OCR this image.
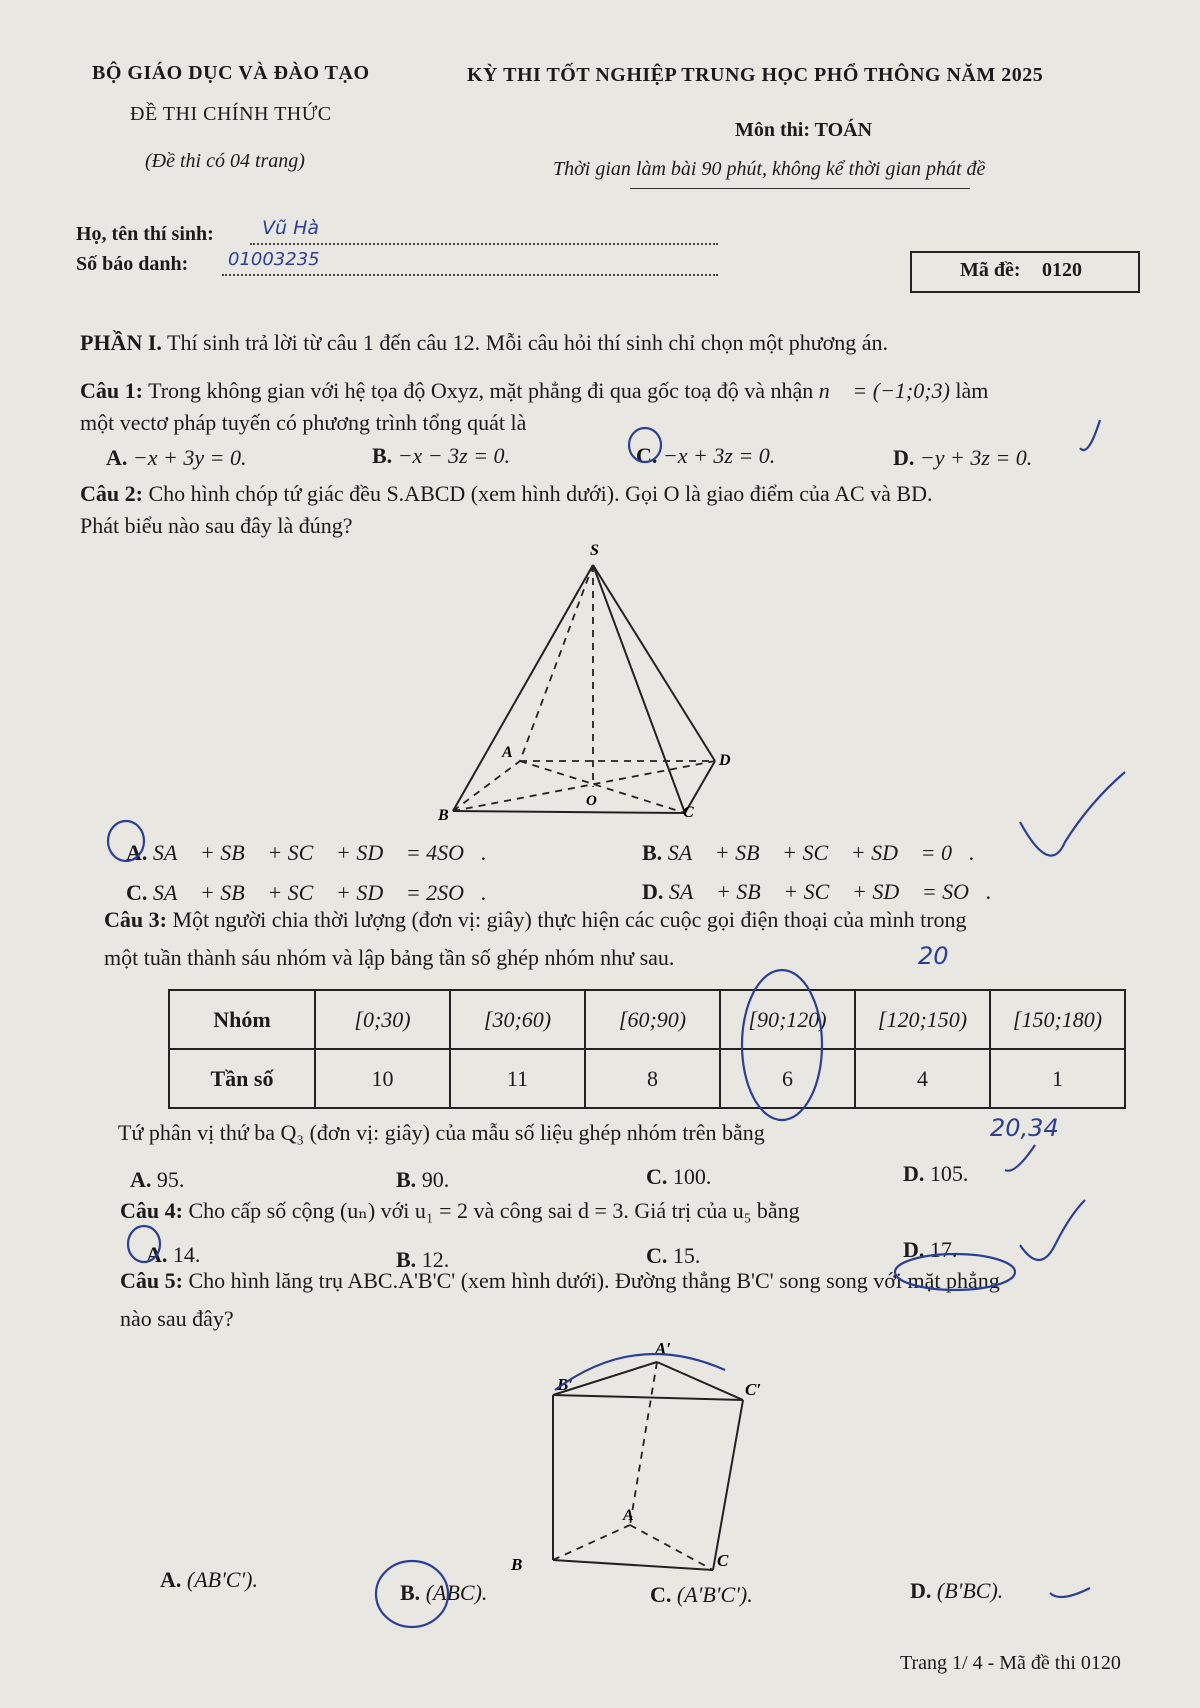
BỘ GIÁO DỤC VÀ ĐÀO TẠO	KỲ THI TỐT NGHIỆP TRUNG HỌC PHỔ THÔNG NĂM 2025
ĐỀ THI CHÍNH THỨC
Môn thi: TOÁN
(Đề thi có 04 trang)	Thời gian làm bài 90 phút, không kể thời gian phát đề
Họ, tên thí sinh:	Vũ Hà
Số báo danh: 01003235	Mã đề: 0120
PHẦN I. Thí sinh trả lời từ câu 1 đến câu 12. Mỗi câu hỏi thí sinh chỉ chọn một phương án.
Câu 1: Trong không gian với hệ tọa độ Oxyz, mặt phẳng đi qua gốc toạ độ và nhận n⃗ = (−1;0;3) làm
một vectơ pháp tuyến có phương trình tổng quát là
A. −x + 3y = 0.	B. −x − 3z = 0.	C. −x + 3z = 0.	D. −y + 3z = 0.
Câu 2: Cho hình chóp tứ giác đều S.ABCD (xem hình dưới). Gọi O là giao điểm của AC và BD.
Phát biểu nào sau đây là đúng?
S
A	D
O
B	C
A. SA⃗ + SB⃗ + SC⃗ + SD⃗ = 4SO⃗.	B. SA⃗ + SB⃗ + SC⃗ + SD⃗ = 0⃗.
C. SA⃗ + SB⃗ + SC⃗ + SD⃗ = 2SO⃗.	D. SA⃗ + SB⃗ + SC⃗ + SD⃗ = SO⃗.
Câu 3: Một người chia thời lượng (đơn vị: giây) thực hiện các cuộc gọi điện thoại của mình trong
một tuần thành sáu nhóm và lập bảng tần số ghép nhóm như sau.
Nhóm	[0;30)	[30;60)	[60;90)	[90;120)	[120;150)	[150;180)
Tần số	10	11	8	6	4	1
Tứ phân vị thứ ba Q₃ (đơn vị: giây) của mẫu số liệu ghép nhóm trên bằng
A. 95.	B. 90.	C. 100.	D. 105.
Câu 4: Cho cấp số cộng (uₙ) với u₁ = 2 và công sai d = 3. Giá trị của u₅ bằng
A. 14.	B. 12.	C. 15.	D. 17.
Câu 5: Cho hình lăng trụ ABC.A'B'C' (xem hình dưới). Đường thẳng B'C' song song với mặt phẳng
nào sau đây?
A′
B′	C′
A
B	C
A. (AB'C').
B. (ABC).	C. (A'B'C').	D. (B'BC).
Trang 1/ 4 - Mã đề thi 0120
20
20,34
